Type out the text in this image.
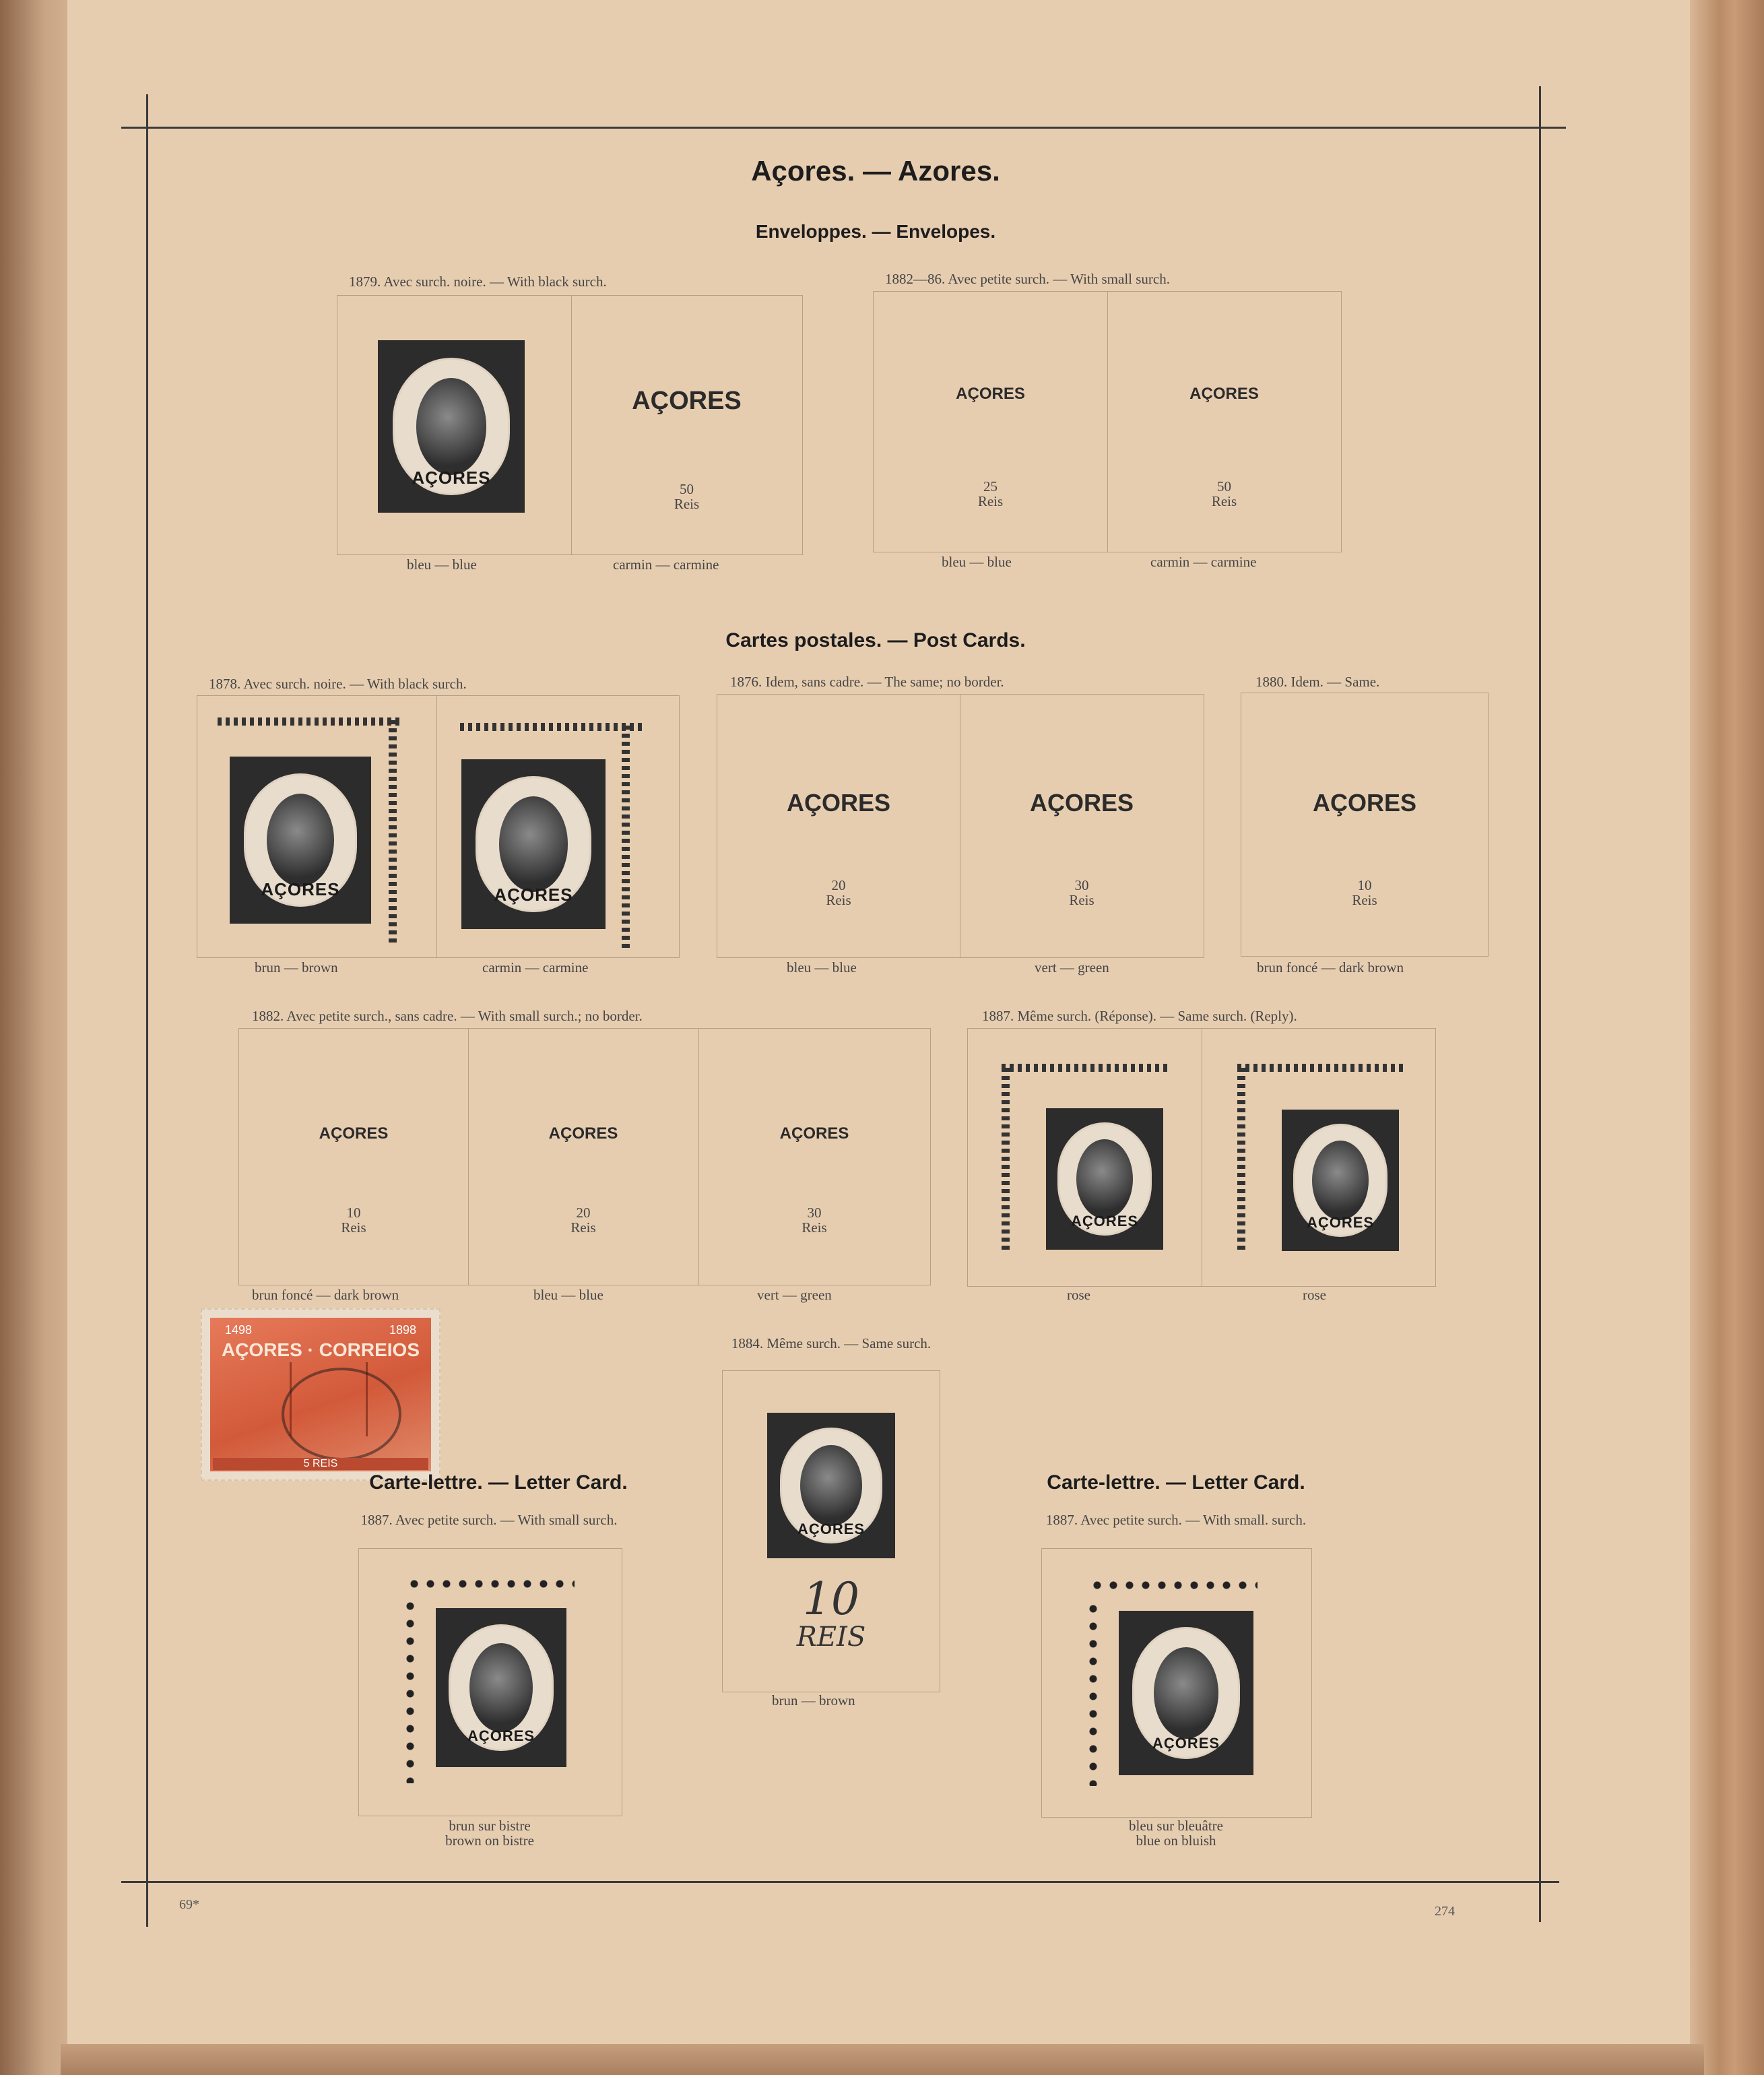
Açores. — Azores.
Enveloppes. — Envelopes.
1879. Avec surch. noire. — With black surch.
AÇORES
AÇORES
50
Reis
bleu — blue	carmin — carmine
1882—86. Avec petite surch. — With small surch.
AÇORES
25
Reis
AÇORES
50
Reis
bleu — blue	carmin — carmine
Cartes postales. — Post Cards.
1878. Avec surch. noire. — With black surch.
AÇORES	AÇORES
brun — brown	carmin — carmine
1876. Idem, sans cadre. — The same; no border.
AÇORES
20
Reis
AÇORES
30
Reis
bleu — blue	vert — green
1880. Idem. — Same.
AÇORES
10
Reis
brun foncé — dark brown
1882. Avec petite surch., sans cadre. — With small surch.; no border.
AÇORES
10
Reis
AÇORES
20
Reis
AÇORES
30
Reis
brun foncé — dark brown	bleu — blue	vert — green
1887. Même surch. (Réponse). — Same surch. (Reply).
AÇORES	AÇORES
rose	rose
1884. Même surch. — Same surch.
AÇORES
10
REIS
brun — brown
1498	1898
AÇORES · CORREIOS
5 REIS
Carte-lettre. — Letter Card.
1887. Avec petite surch. — With small surch.
AÇORES
brun sur bistre
brown on bistre
Carte-lettre. — Letter Card.
1887. Avec petite surch. — With small. surch.
AÇORES
bleu sur bleuâtre
blue on bluish
69*	274
